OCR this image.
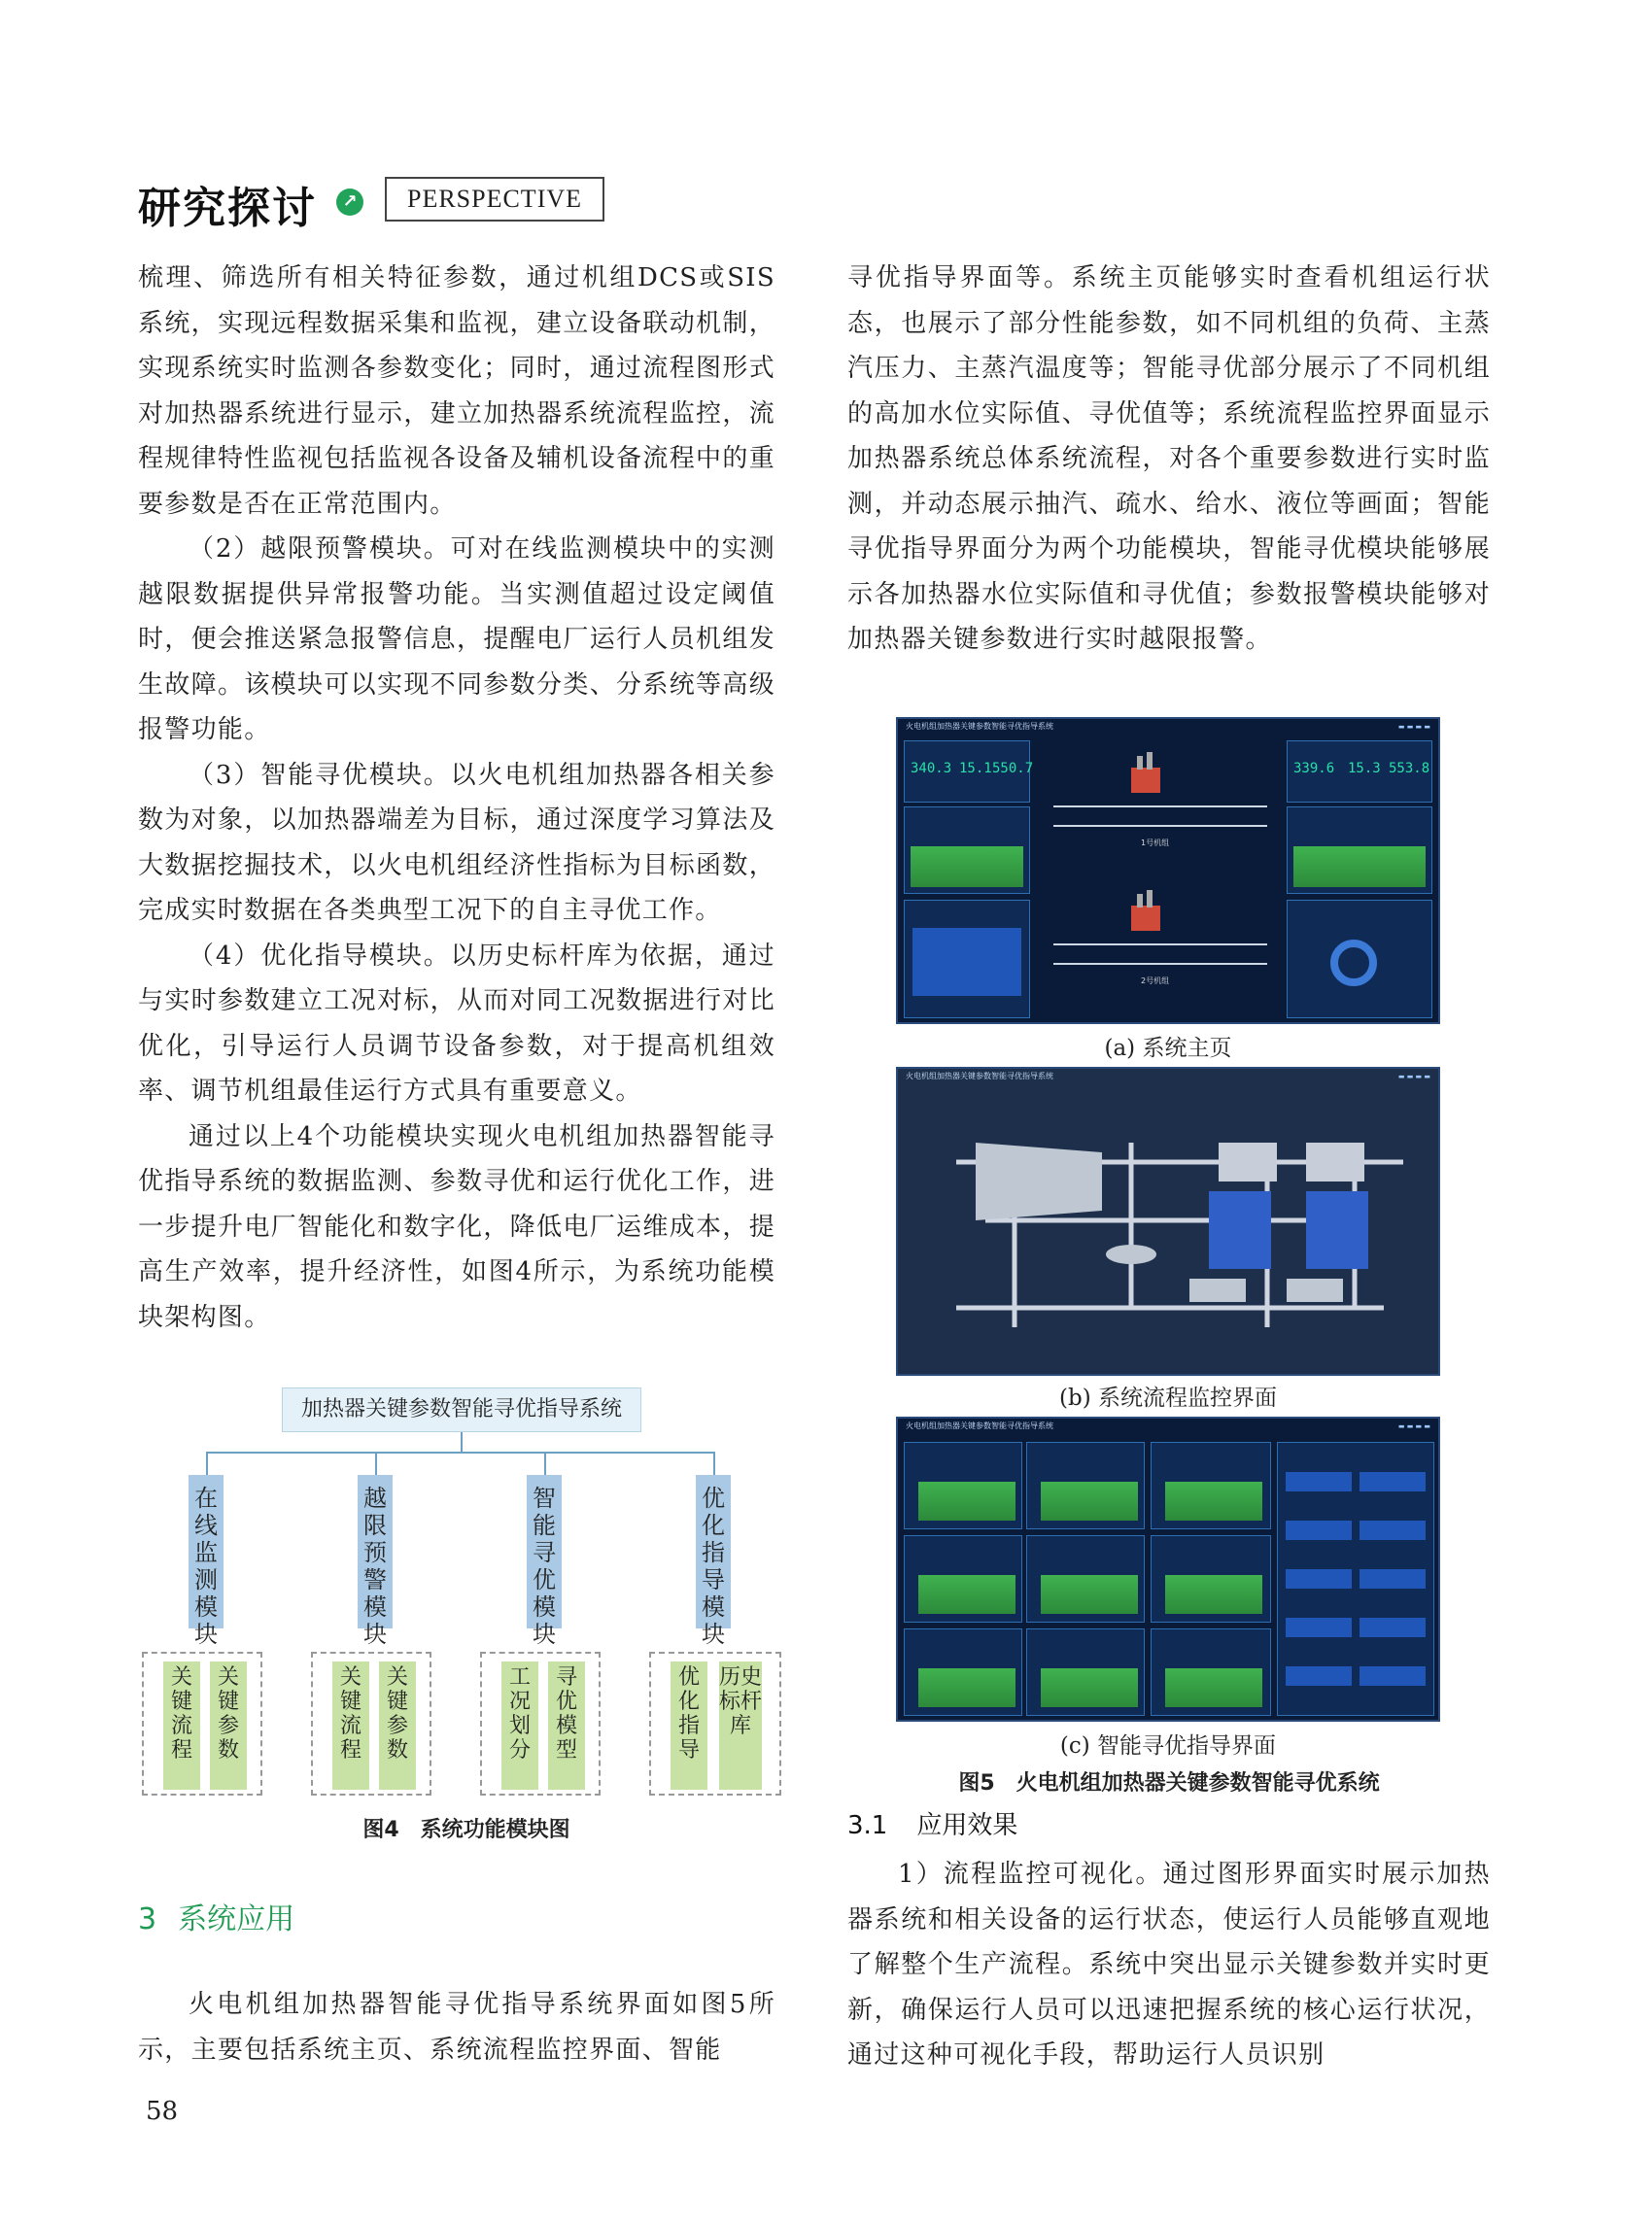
研究探讨	↗	PERSPECTIVE

梳理、筛选所有相关特征参数，通过机组DCS或SIS系统，实现远程数据采集和监视，建立设备联动机制，实现系统实时监测各参数变化；同时，通过流程图形式对加热器系统进行显示，建立加热器系统流程监控，流程规律特性监视包括监视各设备及辅机设备流程中的重要参数是否在正常范围内。

（2）越限预警模块。可对在线监测模块中的实测越限数据提供异常报警功能。当实测值超过设定阈值时，便会推送紧急报警信息，提醒电厂运行人员机组发生故障。该模块可以实现不同参数分类、分系统等高级报警功能。

（3）智能寻优模块。以火电机组加热器各相关参数为对象，以加热器端差为目标，通过深度学习算法及大数据挖掘技术，以火电机组经济性指标为目标函数，完成实时数据在各类典型工况下的自主寻优工作。

（4）优化指导模块。以历史标杆库为依据，通过与实时参数建立工况对标，从而对同工况数据进行对比优化，引导运行人员调节设备参数，对于提高机组效率、调节机组最佳运行方式具有重要意义。

通过以上4个功能模块实现火电机组加热器智能寻优指导系统的数据监测、参数寻优和运行优化工作，进一步提升电厂智能化和数字化，降低电厂运维成本，提高生产效率，提升经济性，如图4所示，为系统功能模块架构图。

加热器关键参数智能寻优指导系统
在线监测模块
越限预警模块
智能寻优模块
优化指导模块
关键流程
关键参数
关键流程
关键参数
工况划分
寻优模型
优化指导
历史标杆库
图4　系统功能模块图
3 系统应用

火电机组加热器智能寻优指导系统界面如图5所示，主要包括系统主页、系统流程监控界面、智能

寻优指导界面等。系统主页能够实时查看机组运行状态，也展示了部分性能参数，如不同机组的负荷、主蒸汽压力、主蒸汽温度等；智能寻优部分展示了不同机组的高加水位实际值、寻优值等；系统流程监控界面显示加热器系统总体系统流程，对各个重要参数进行实时监测，并动态展示抽汽、疏水、给水、液位等画面；智能寻优指导界面分为两个功能模块，智能寻优模块能够展示各加热器水位实际值和寻优值；参数报警模块能够对加热器关键参数进行实时越限报警。

火电机组加热器关键参数智能寻优指导系统	▬ ▬ ▬ ▬
340.3 15.1 550.7	339.6 15.3 553.8
1号机组
2号机组
(a) 系统主页
火电机组加热器关键参数智能寻优指导系统	▬ ▬ ▬ ▬
(b) 系统流程监控界面
火电机组加热器关键参数智能寻优指导系统	▬ ▬ ▬ ▬
(c) 智能寻优指导界面
图5　火电机组加热器关键参数智能寻优系统
3.1 应用效果

1）流程监控可视化。通过图形界面实时展示加热器系统和相关设备的运行状态，使运行人员能够直观地了解整个生产流程。系统中突出显示关键参数并实时更新，确保运行人员可以迅速把握系统的核心运行状况，通过这种可视化手段，帮助运行人员识别

58
